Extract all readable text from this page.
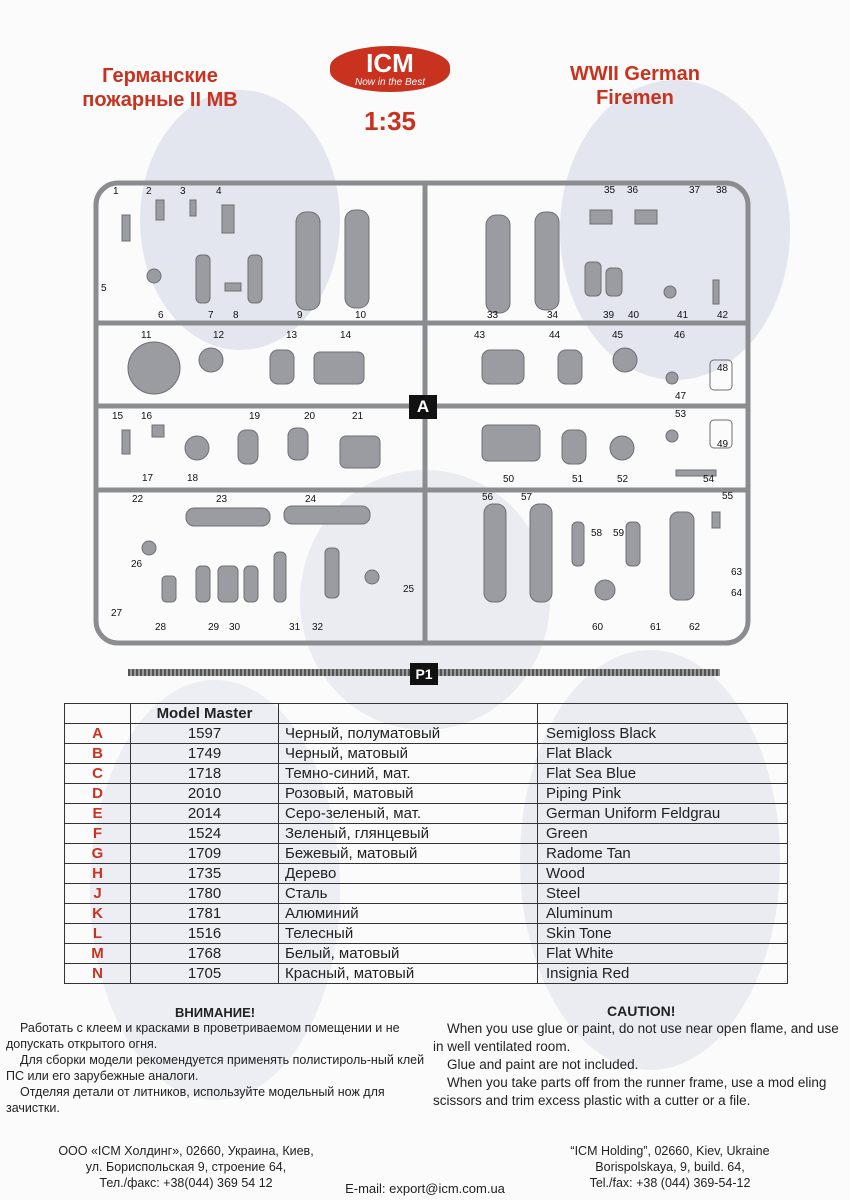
Германские
пожарные II МВ
ICM
Now in the Best
1:35
WWII German
Firemen
1	2	3	4
5
6	7 8	9	10
11	12	13	14
15 16
17	18
19	20	21
22	23	24
25
26
27
28	29 30	31 32
33	34
35 36	37 38
39 40	41	42
43	44	45	46
47
48
49
50	51	52
53
54
55
56	57
58 59
60	61	62
63
64
A
P1
	Model Master		
A	1597	Черный, полуматовый	Semigloss Black
B	1749	Черный, матовый	Flat Black
C	1718	Темно-синий, мат.	Flat Sea Blue
D	2010	Розовый, матовый	Piping Pink
E	2014	Серо-зеленый, мат.	German Uniform Feldgrau
F	1524	Зеленый, глянцевый	Green
G	1709	Бежевый, матовый	Radome Tan
H	1735	Дерево	Wood
J	1780	Сталь	Steel
K	1781	Алюминий	Aluminum
L	1516	Телесный	Skin Tone
M	1768	Белый, матовый	Flat White
N	1705	Красный, матовый	Insignia Red
ВНИМАНИЕ!

Работать с клеем и красками в проветриваемом помещении и не допускать открытого огня.

Для сборки модели рекомендуется применять полистироль-ный клей ПС или его зарубежные аналоги.

Отделяя детали от литников, используйте модельный нож для зачистки.

CAUTION!

When you use glue or paint, do not use near open flame, and use in well ventilated room.

Glue and paint are not included.

When you take parts off from the runner frame, use a mod eling scissors and trim excess plastic with a cutter or a file.

ООО «ICM Холдинг», 02660, Украина, Киев,
ул. Бориспольская 9, строение 64,
Тел./факс: +38(044) 369 54 12
“ICM Holding”, 02660, Kiev, Ukraine
Borispolskaya, 9, build. 64,
Tel./fax: +38 (044) 369-54-12
E-mail: export@icm.com.ua
